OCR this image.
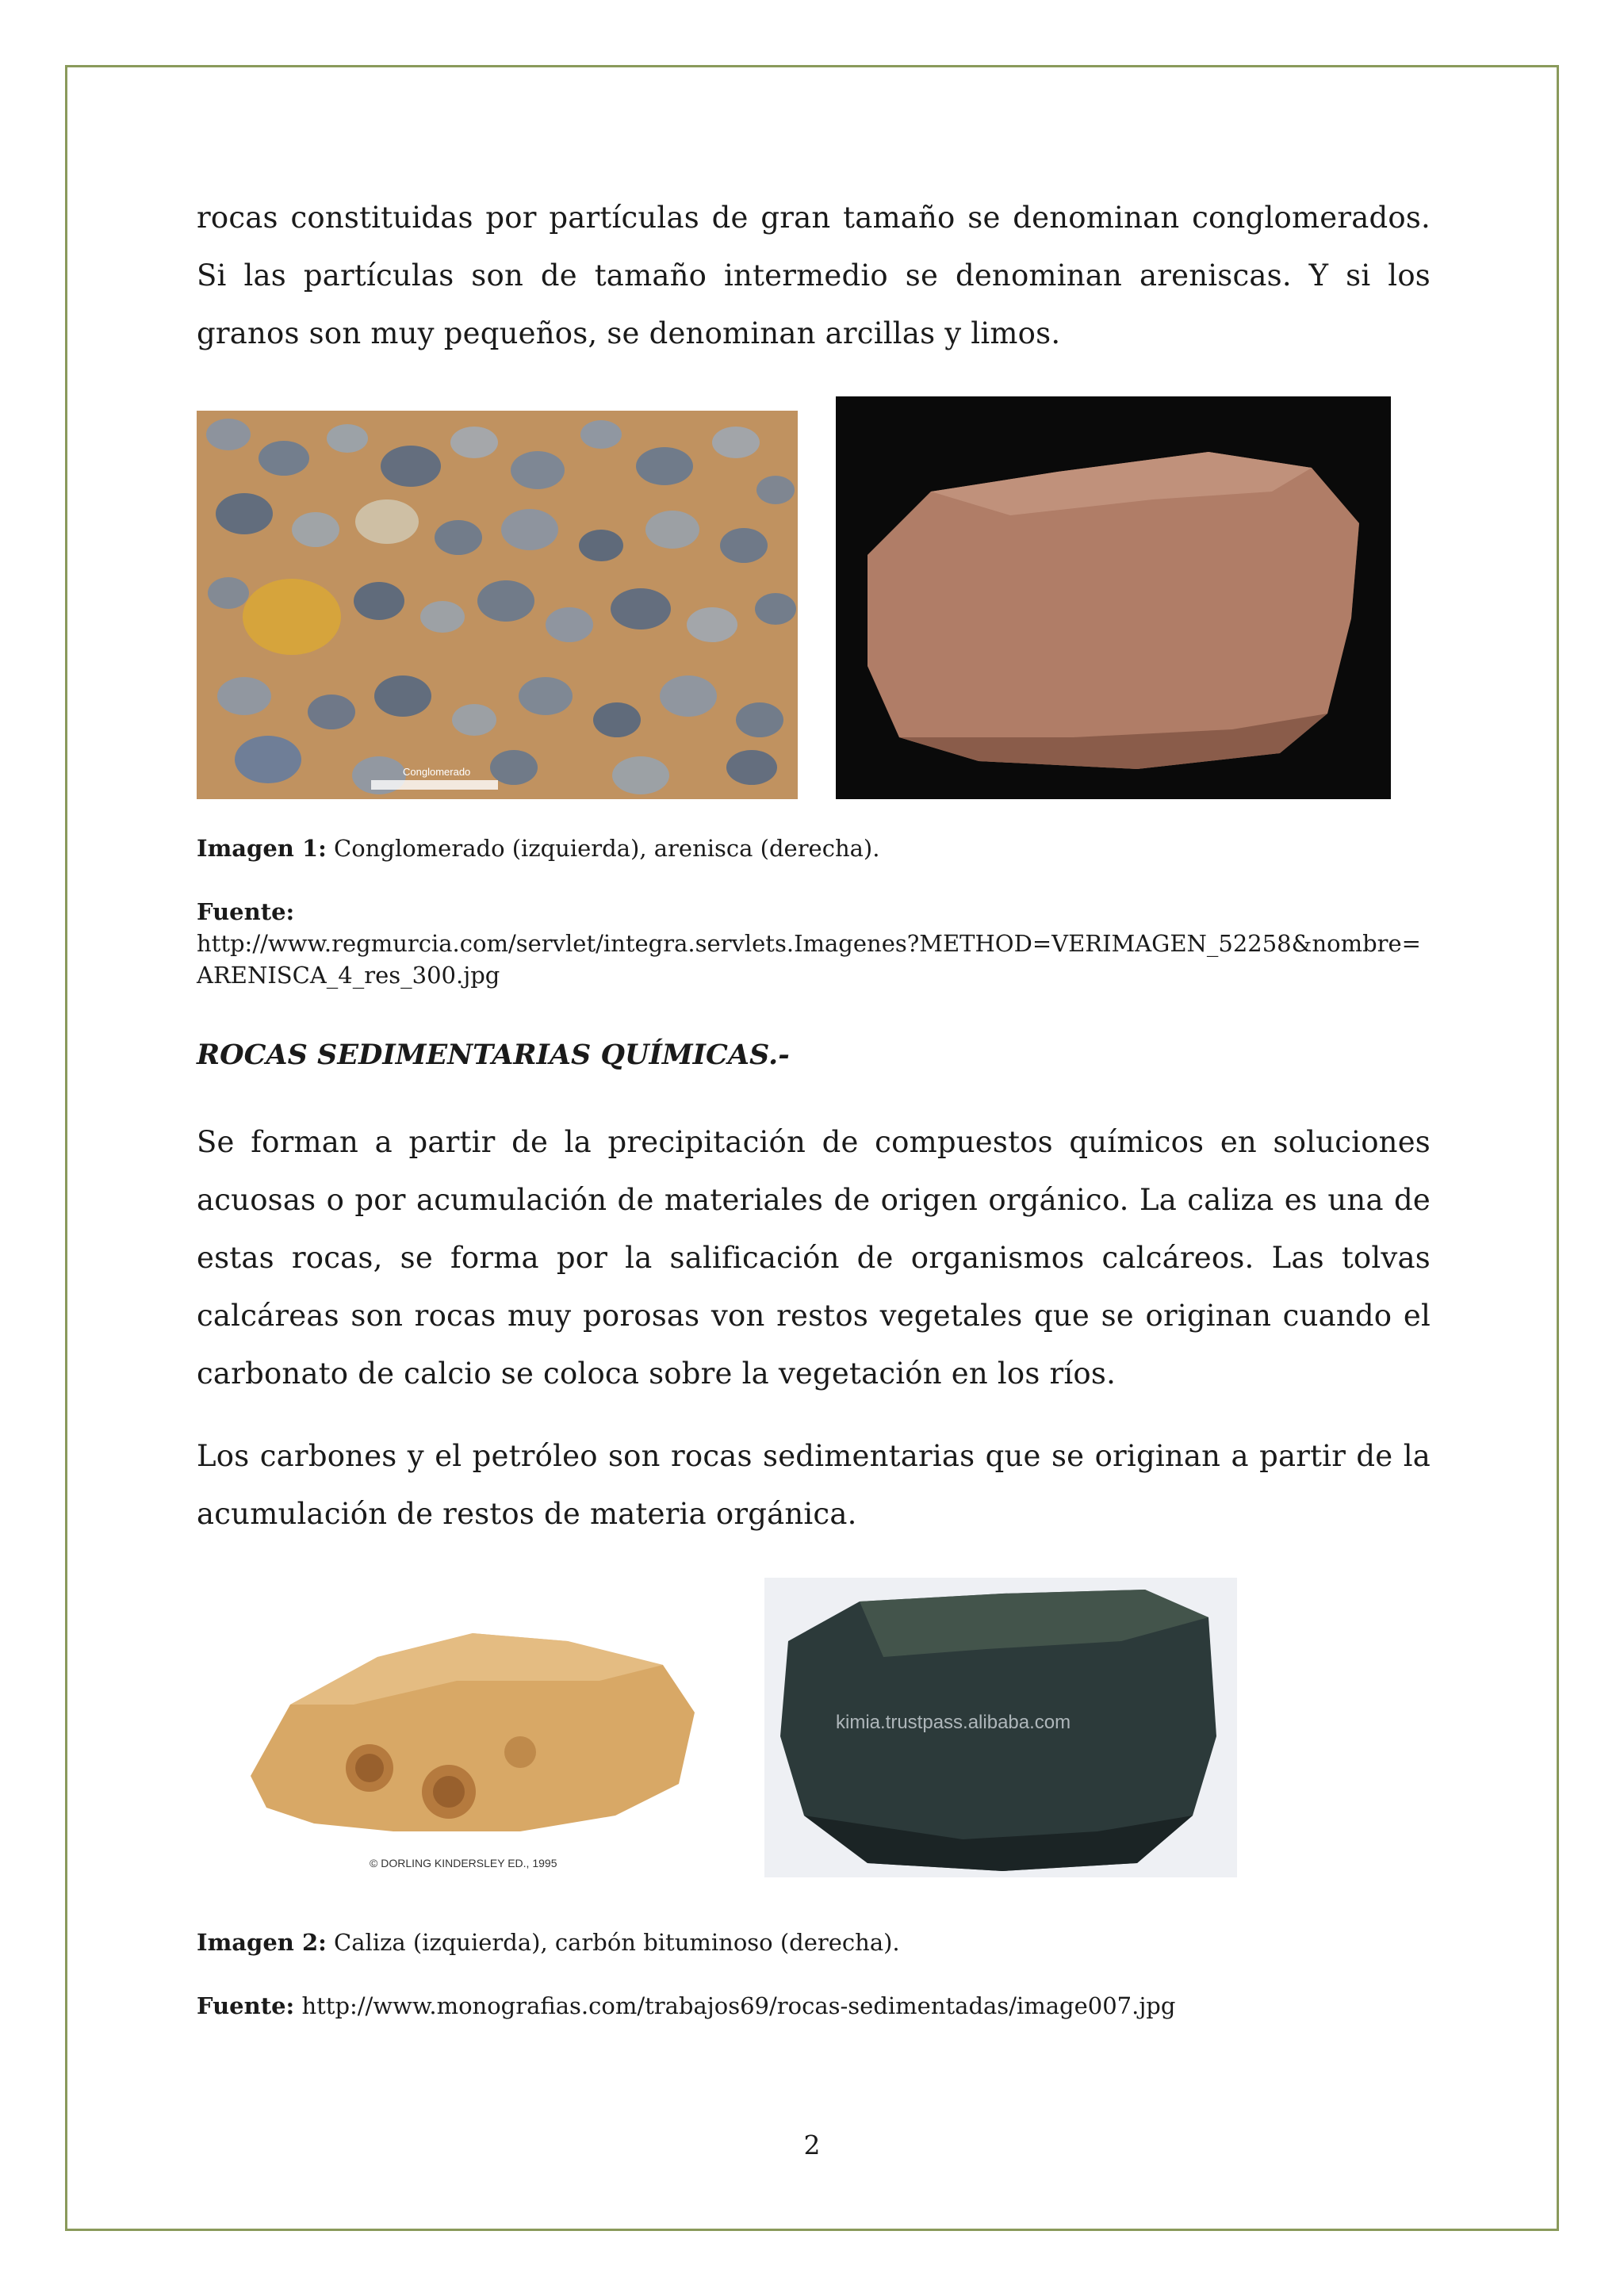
rocas constituidas por partículas de gran tamaño se denominan conglomerados. Si las partículas son de tamaño intermedio se denominan areniscas. Y si los granos son muy pequeños, se denominan arcillas y limos.

Conglomerado

Imagen 1: Conglomerado (izquierda), arenisca (derecha).

Fuente:
http://www.regmurcia.com/servlet/integra.servlets.Imagenes?METHOD=VERIMAGEN_52258&nombre=
ARENISCA_4_res_300.jpg

ROCAS SEDIMENTARIAS QUÍMICAS.-

Se forman a partir de la precipitación de compuestos químicos en soluciones acuosas o por acumulación de materiales de origen orgánico. La caliza es una de estas rocas, se forma por la salificación de organismos calcáreos. Las tolvas calcáreas son rocas muy porosas von restos vegetales que se originan cuando el carbonato de calcio se coloca sobre la vegetación en los ríos.

Los carbones y el petróleo son rocas sedimentarias que se originan a partir de la acumulación de restos de materia orgánica.

© DORLING KINDERSLEY ED., 1995
kimia.trustpass.alibaba.com

Imagen 2: Caliza (izquierda), carbón bituminoso (derecha).

Fuente: http://www.monografias.com/trabajos69/rocas-sedimentadas/image007.jpg

2
